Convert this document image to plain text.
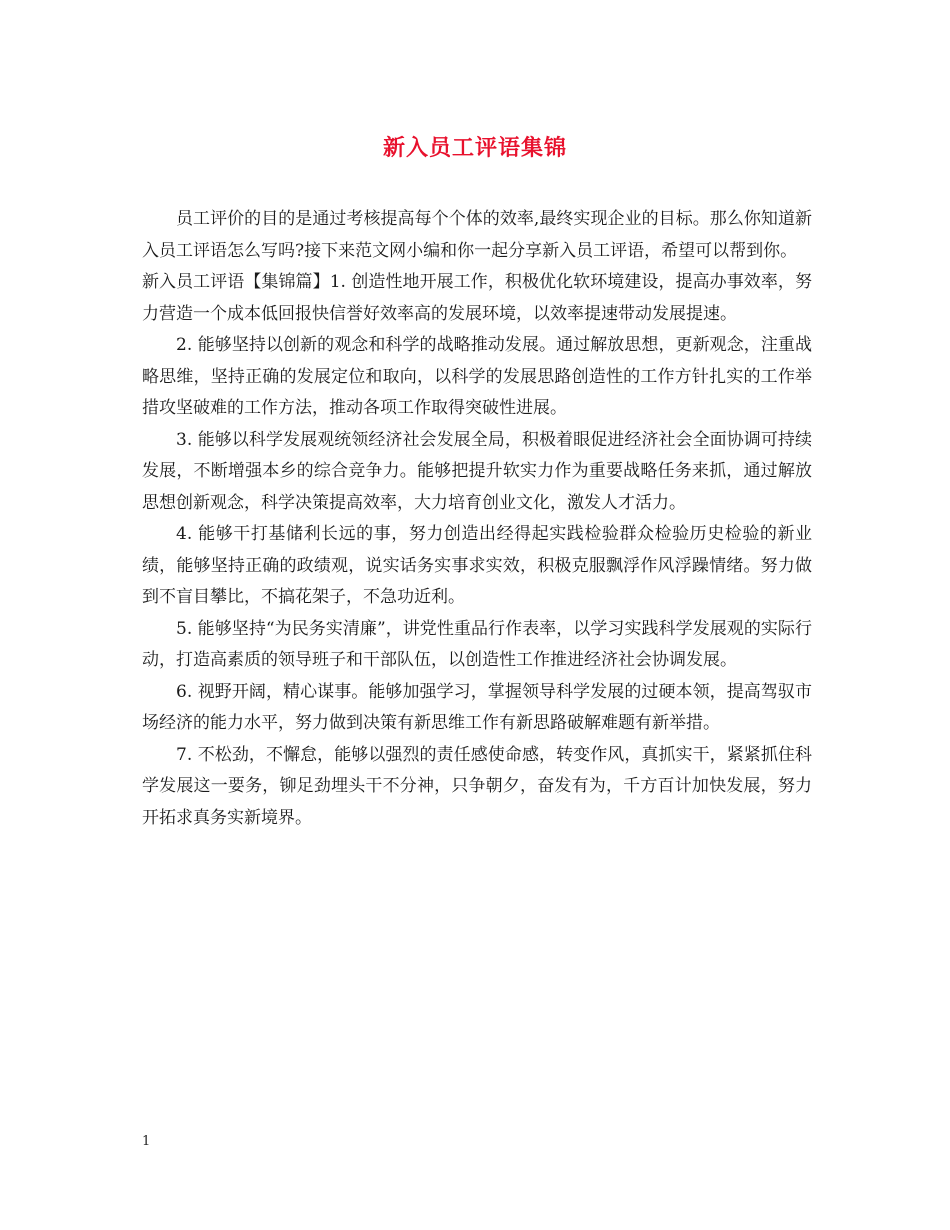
新入员工评语集锦

员工评价的目的是通过考核提高每个个体的效率,最终实现企业的目标。那么你知道新入员工评语怎么写吗?接下来范文网小编和你一起分享新入员工评语，希望可以帮到你。

新入员工评语【集锦篇】1. 创造性地开展工作，积极优化软环境建设，提高办事效率，努力营造一个成本低回报快信誉好效率高的发展环境，以效率提速带动发展提速。

2. 能够坚持以创新的观念和科学的战略推动发展。通过解放思想，更新观念，注重战略思维，坚持正确的发展定位和取向，以科学的发展思路创造性的工作方针扎实的工作举措攻坚破难的工作方法，推动各项工作取得突破性进展。

3. 能够以科学发展观统领经济社会发展全局，积极着眼促进经济社会全面协调可持续发展，不断增强本乡的综合竞争力。能够把提升软实力作为重要战略任务来抓，通过解放思想创新观念，科学决策提高效率，大力培育创业文化，激发人才活力。

4. 能够干打基储利长远的事，努力创造出经得起实践检验群众检验历史检验的新业绩，能够坚持正确的政绩观，说实话务实事求实效，积极克服飘浮作风浮躁情绪。努力做到不盲目攀比，不搞花架子，不急功近利。

5. 能够坚持“为民务实清廉”，讲党性重品行作表率，以学习实践科学发展观的实际行动，打造高素质的领导班子和干部队伍，以创造性工作推进经济社会协调发展。

6. 视野开阔，精心谋事。能够加强学习，掌握领导科学发展的过硬本领，提高驾驭市场经济的能力水平，努力做到决策有新思维工作有新思路破解难题有新举措。

7. 不松劲，不懈怠，能够以强烈的责任感使命感，转变作风，真抓实干，紧紧抓住科学发展这一要务，铆足劲埋头干不分神，只争朝夕，奋发有为，千方百计加快发展，努力开拓求真务实新境界。

1
